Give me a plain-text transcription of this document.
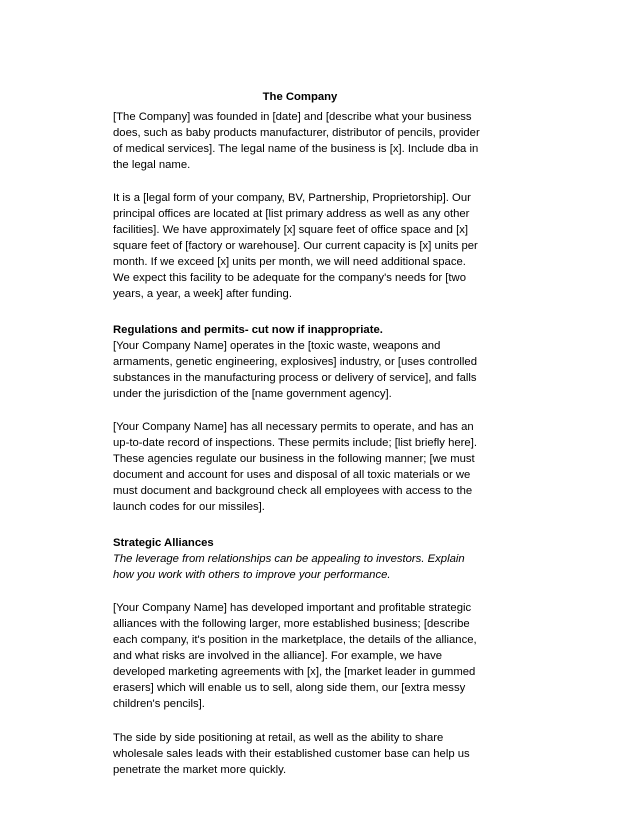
The Company
[The Company] was founded in [date] and [describe what your business
does, such as baby products manufacturer, distributor of pencils, provider
of medical services]. The legal name of the business is [x]. Include dba in
the legal name.
It is a [legal form of your company, BV, Partnership, Proprietorship]. Our
principal offices are located at [list primary address as well as any other
facilities]. We have approximately [x] square feet of office space and [x]
square feet of [factory or warehouse]. Our current capacity is [x] units per
month. If we exceed [x] units per month, we will need additional space.
We expect this facility to be adequate for the company's needs for [two
years, a year, a week] after funding.
Regulations and permits- cut now if inappropriate.
[Your Company Name] operates in the [toxic waste, weapons and
armaments, genetic engineering, explosives] industry, or [uses controlled
substances in the manufacturing process or delivery of service], and falls
under the jurisdiction of the [name government agency].
[Your Company Name] has all necessary permits to operate, and has an
up-to-date record of inspections. These permits include; [list briefly here].
These agencies regulate our business in the following manner; [we must
document and account for uses and disposal of all toxic materials or we
must document and background check all employees with access to the
launch codes for our missiles].
Strategic Alliances
The leverage from relationships can be appealing to investors. Explain
how you work with others to improve your performance.
[Your Company Name] has developed important and profitable strategic
alliances with the following larger, more established business; [describe
each company, it's position in the marketplace, the details of the alliance,
and what risks are involved in the alliance]. For example, we have
developed marketing agreements with [x], the [market leader in gummed
erasers] which will enable us to sell, along side them, our [extra messy
children's pencils].
The side by side positioning at retail, as well as the ability to share
wholesale sales leads with their established customer base can help us
penetrate the market more quickly.
